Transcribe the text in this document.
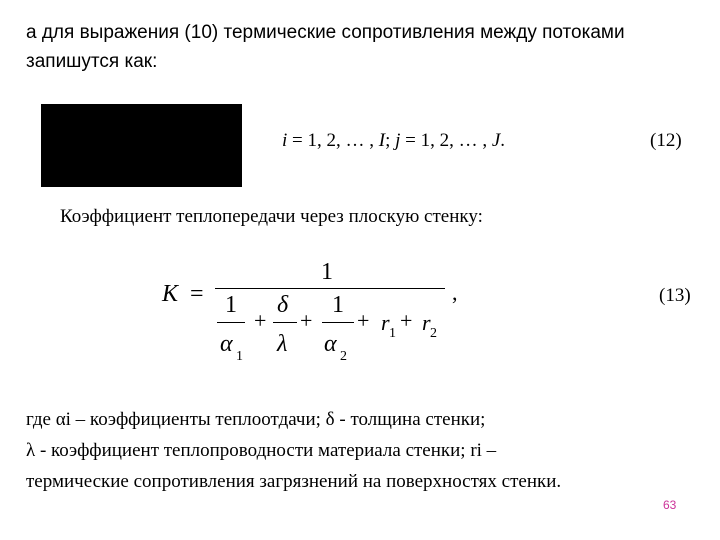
а для выражения (10) термические сопротивления между потоками запишутся как:
i = 1, 2, … , I; j = 1, 2, … , J.	(12)
Коэффициент теплопередачи через плоскую стенку:
K =
1
1
α 1
+
δ
λ
+
1
α 2
+ r 1
+ r 2
,	(13)

где αi – коэффициенты теплоотдачи; δ - толщина стенки;

λ - коэффициент теплопроводности материала стенки; ri –

термические сопротивления загрязнений на поверхностях стенки.

63
